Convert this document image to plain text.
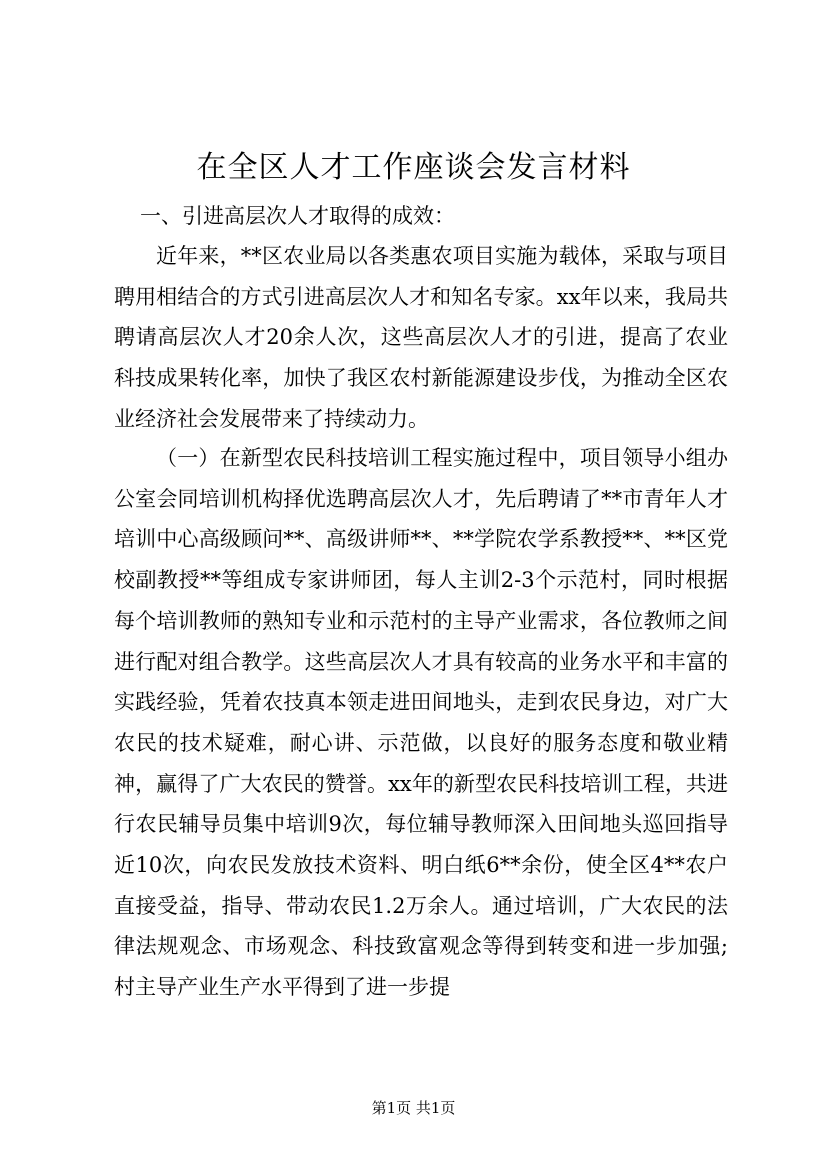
在全区人才工作座谈会发言材料

一、引进高层次人才取得的成效：

近年来，**区农业局以各类惠农项目实施为载体，采取与项目聘用相结合的方式引进高层次人才和知名专家。xx年以来，我局共聘请高层次人才20余人次，这些高层次人才的引进，提高了农业科技成果转化率，加快了我区农村新能源建设步伐，为推动全区农业经济社会发展带来了持续动力。

（一）在新型农民科技培训工程实施过程中，项目领导小组办公室会同培训机构择优选聘高层次人才，先后聘请了**市青年人才培训中心高级顾问**、高级讲师**、**学院农学系教授**、**区党校副教授**等组成专家讲师团，每人主训2-3个示范村，同时根据每个培训教师的熟知专业和示范村的主导产业需求，各位教师之间进行配对组合教学。这些高层次人才具有较高的业务水平和丰富的实践经验，凭着农技真本领走进田间地头，走到农民身边，对广大农民的技术疑难，耐心讲、示范做，以良好的服务态度和敬业精神，赢得了广大农民的赞誉。xx年的新型农民科技培训工程，共进行农民辅导员集中培训9次，每位辅导教师深入田间地头巡回指导近10次，向农民发放技术资料、明白纸6**余份，使全区4**农户直接受益，指导、带动农民1.2万余人。通过培训，广大农民的法律法规观念、市场观念、科技致富观念等得到转变和进一步加强;村主导产业生产水平得到了进一步提

第1页 共1页
